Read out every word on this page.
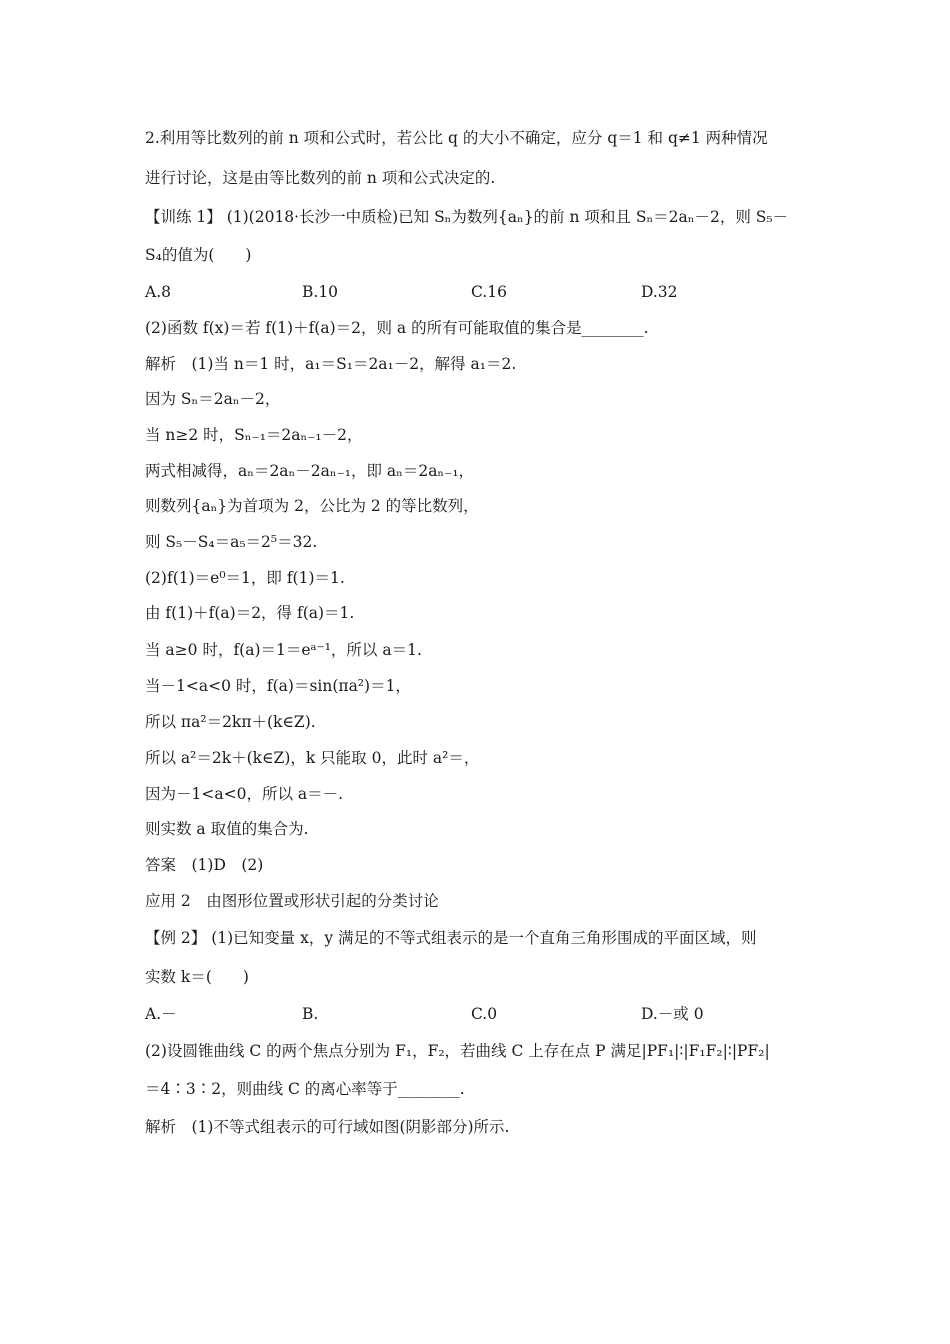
2.利用等比数列的前 n 项和公式时，若公比 q 的大小不确定，应分 q＝1 和 q≠1 两种情况
进行讨论，这是由等比数列的前 n 项和公式决定的.
【训练 1】 (1)(2018·长沙一中质检)已知 Sₙ为数列{aₙ}的前 n 项和且 Sₙ＝2aₙ－2，则 S₅－
S₄的值为(　　)
A.8	B.10	C.16	D.32
(2)函数 f(x)＝若 f(1)＋f(a)＝2，则 a 的所有可能取值的集合是________.
解析　(1)当 n＝1 时，a₁＝S₁＝2a₁－2，解得 a₁＝2.
因为 Sₙ＝2aₙ－2，
当 n≥2 时，Sₙ₋₁＝2aₙ₋₁－2，
两式相减得，aₙ＝2aₙ－2aₙ₋₁，即 aₙ＝2aₙ₋₁，
则数列{aₙ}为首项为 2，公比为 2 的等比数列，
则 S₅－S₄＝a₅＝2⁵＝32.
(2)f(1)＝e⁰＝1，即 f(1)＝1.
由 f(1)＋f(a)＝2，得 f(a)＝1.
当 a≥0 时，f(a)＝1＝eᵃ⁻¹，所以 a＝1.
当－1<a<0 时，f(a)＝sin(πa²)＝1，
所以 πa²＝2kπ＋(k∈Z).
所以 a²＝2k＋(k∈Z)，k 只能取 0，此时 a²＝，
因为－1<a<0，所以 a＝－.
则实数 a 取值的集合为.
答案　(1)D　(2)
应用 2　由图形位置或形状引起的分类讨论
【例 2】 (1)已知变量 x，y 满足的不等式组表示的是一个直角三角形围成的平面区域，则
实数 k＝(　　)
A.－	B.	C.0	D.－或 0
(2)设圆锥曲线 C 的两个焦点分别为 F₁，F₂，若曲线 C 上存在点 P 满足|PF₁|∶|F₁F₂|∶|PF₂|
＝4∶3∶2，则曲线 C 的离心率等于________.
解析　(1)不等式组表示的可行域如图(阴影部分)所示.
